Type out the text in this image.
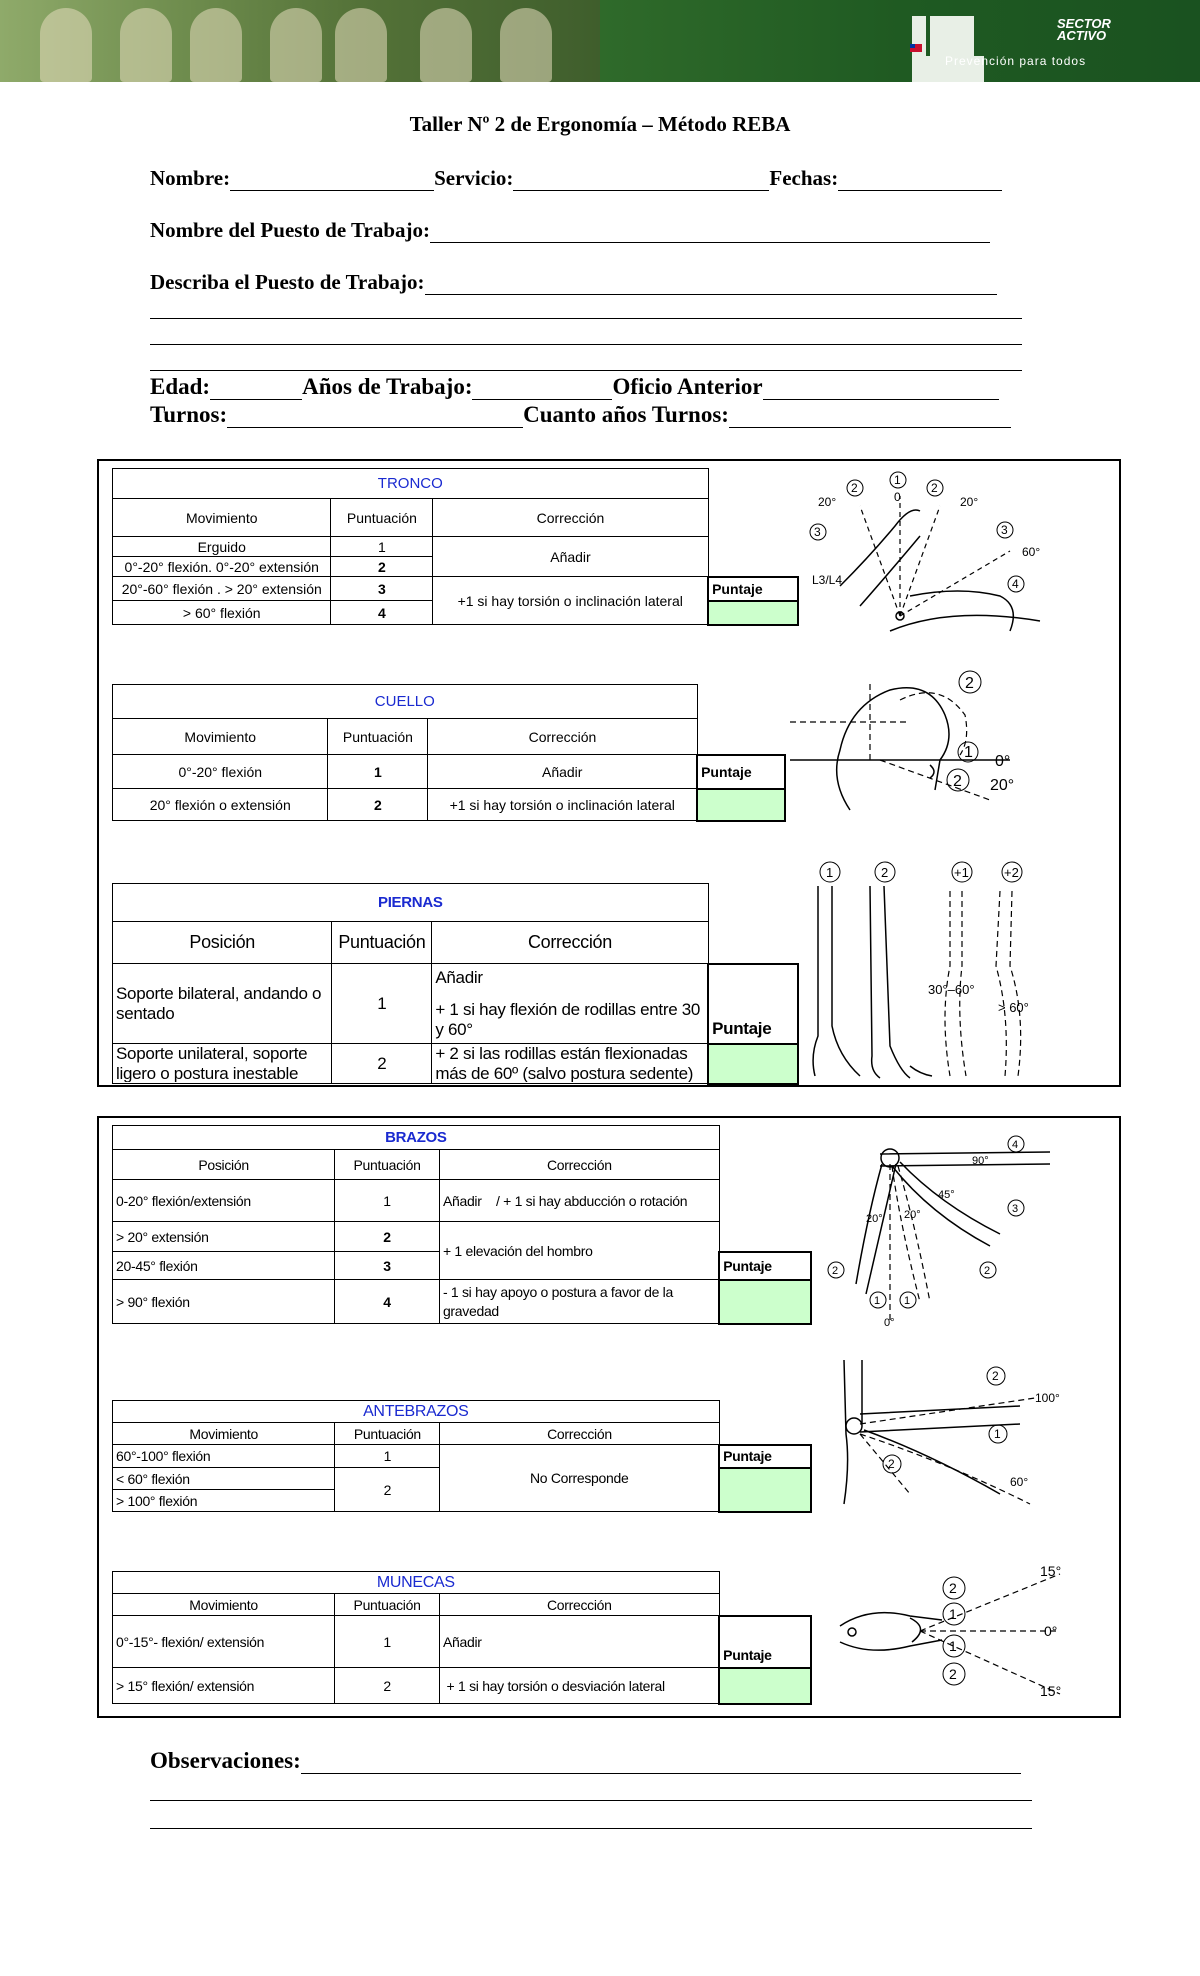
SECTOR
ACTIVO
Prevención para todos
Taller Nº 2 de Ergonomía – Método REBA
Nombre:	Servicio:	Fechas:
Nombre del Puesto de Trabajo:
Describa el Puesto de Trabajo:
Edad:	Años de Trabajo:	Oficio Anterior
Turnos:	Cuanto años Turnos:
TRONCO			
Movimiento	Puntuación	Corrección	
Erguido	1	Añadir	
0°-20° flexión. 0°-20° extensión	2		
20°-60° flexión . > 20° extensión	3	+1 si hay torsión o inclinación lateral	Puntaje
> 60° flexión	4		
0
1
2	2
3	3
4
20°	20°
60°
L3/L4
CUELLO			
Movimiento	Puntuación	Corrección	
0°-20° flexión	1	Añadir	Puntaje
20° flexión o extensión	2	+1 si hay torsión o inclinación lateral	
2
1
2
0°
20°
PIERNAS			
Posición	Puntuación	Corrección	
Soporte bilateral, andando o sentado	1	Añadir
+ 1 si hay flexión de rodillas entre 30 y 60°	Puntaje

Soporte unilateral, soporte ligero o postura inestable	2	+ 2 si las rodillas están flexionadas más de 60º (salvo postura sedente)	

1	2	+1	+2
30°–60°
> 60°
BRAZOS			
Posición	Puntuación	Corrección	
0-20° flexión/extensión	1	Añadir    / + 1 si hay abducción o rotación	
> 20° extensión	2	+ 1 elevación del hombro	
20-45° flexión	3		Puntaje
> 90° flexión	4	- 1 si hay apoyo o postura a favor de la gravedad	
4
90°
3
45°
20° 20°
2	2
1 1
0°
ANTEBRAZOS			
Movimiento	Puntuación	Corrección	
60°-100° flexión	1	No Corresponde	Puntaje
< 60° flexión	2		
> 100° flexión			
2
100°
1
2
60°
MUNECAS			
Movimiento	Puntuación	Corrección	
0°-15°- flexión/ extensión	1	Añadir	Puntaje
> 15° flexión/ extensión	2	+ 1 si hay torsión o desviación lateral	
15°
2
1
0°
1
2
15°
Observaciones:
